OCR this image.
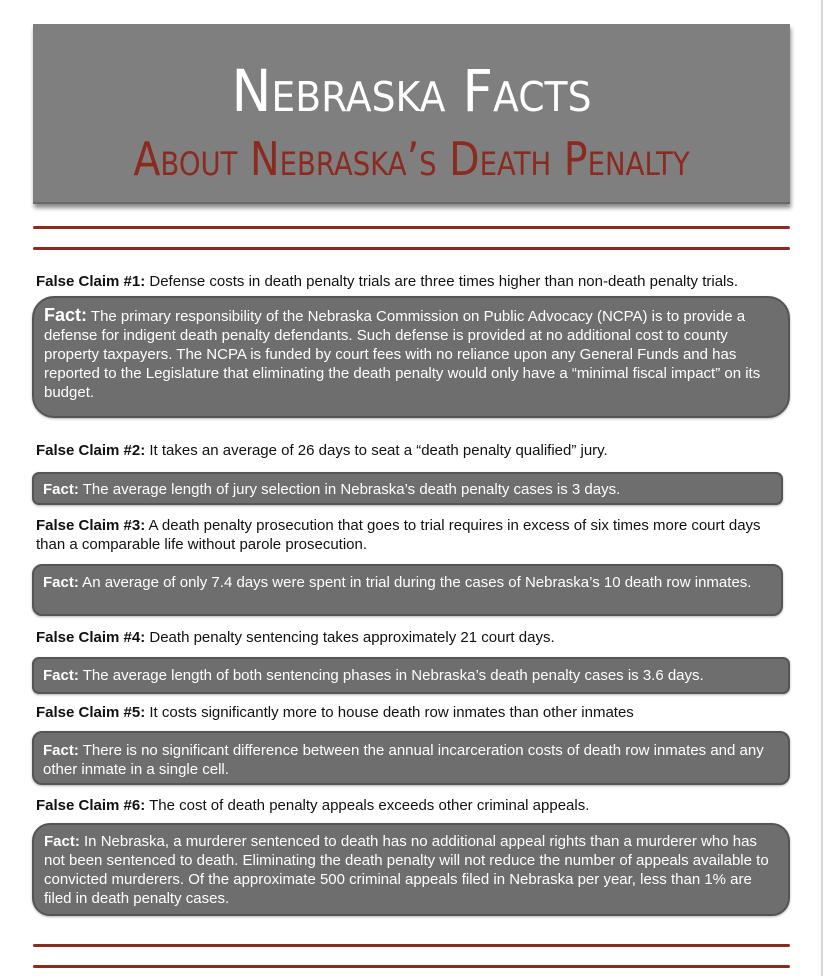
Nebraska Facts
About Nebraska’s Death Penalty
False Claim #1: Defense costs in death penalty trials are three times higher than non-death penalty trials.
Fact: The primary responsibility of the Nebraska Commission on Public Advocacy (NCPA) is to provide a defense for indigent death penalty defendants. Such defense is provided at no additional cost to county property taxpayers. The NCPA is funded by court fees with no reliance upon any General Funds and has reported to the Legislature that eliminating the death penalty would only have a “minimal fiscal impact” on its budget.
False Claim #2: It takes an average of 26 days to seat a “death penalty qualified” jury.
Fact: The average length of jury selection in Nebraska’s death penalty cases is 3 days.
False Claim #3: A death penalty prosecution that goes to trial requires in excess of six times more court days than a comparable life without parole prosecution.
Fact: An average of only 7.4 days were spent in trial during the cases of Nebraska’s 10 death row inmates.
False Claim #4: Death penalty sentencing takes approximately 21 court days.
Fact: The average length of both sentencing phases in Nebraska’s death penalty cases is 3.6 days.
False Claim #5: It costs significantly more to house death row inmates than other inmates
Fact: There is no significant difference between the annual incarceration costs of death row inmates and any other inmate in a single cell.
False Claim #6: The cost of death penalty appeals exceeds other criminal appeals.
Fact: In Nebraska, a murderer sentenced to death has no additional appeal rights than a murderer who has not been sentenced to death. Eliminating the death penalty will not reduce the number of appeals available to convicted murderers. Of the approximate 500 criminal appeals filed in Nebraska per year, less than 1% are filed in death penalty cases.
